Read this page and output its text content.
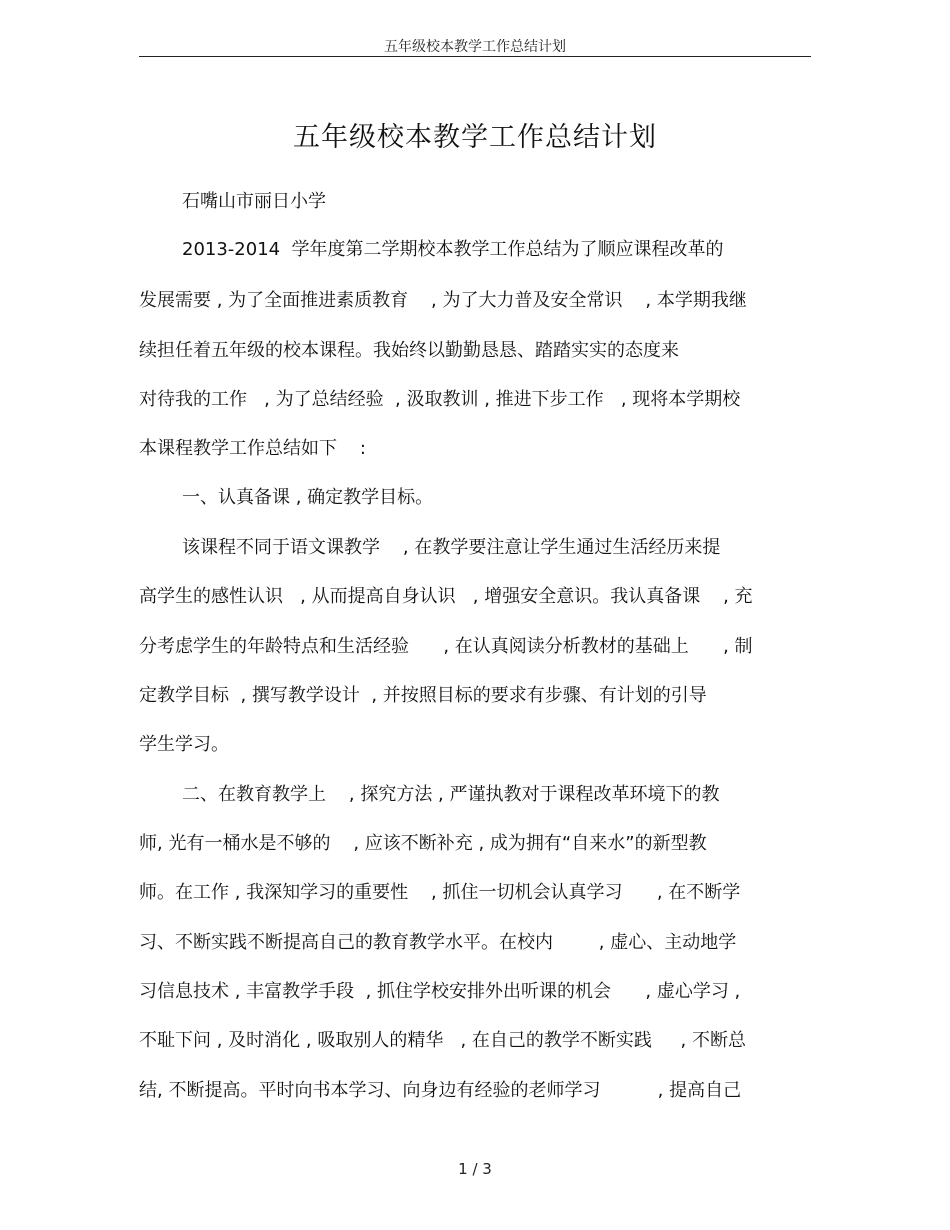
五年级校本教学工作总结计划
五年级校本教学工作总结计划
石嘴山市丽日小学
2013-2014  学年度第二学期校本教学工作总结为了顺应课程改革的
发展需要 , 为了全面推进素质教育    , 为了大力普及安全常识    , 本学期我继
续担任着五年级的校本课程。我始终以勤勤恳恳、踏踏实实的态度来
对待我的工作   , 为了总结经验  , 汲取教训 , 推进下步工作   , 现将本学期校
本课程教学工作总结如下    :
一、认真备课 , 确定教学目标。
该课程不同于语文课教学    , 在教学要注意让学生通过生活经历来提
高学生的感性认识   , 从而提高自身认识   , 增强安全意识。我认真备课    , 充
分考虑学生的年龄特点和生活经验      , 在认真阅读分析教材的基础上      , 制
定教学目标  , 撰写教学设计  , 并按照目标的要求有步骤、有计划的引导
学生学习。
二、在教育教学上    , 探究方法 , 严谨执教对于课程改革环境下的教
师, 光有一桶水是不够的    , 应该不断补充 , 成为拥有“自来水”的新型教
师。在工作 , 我深知学习的重要性    , 抓住一切机会认真学习      , 在不断学
习、不断实践不断提高自己的教育教学水平。在校内        , 虚心、主动地学
习信息技术 , 丰富教学手段  , 抓住学校安排外出听课的机会      , 虚心学习 ,
不耻下问 , 及时消化 , 吸取别人的精华   , 在自己的教学不断实践     , 不断总
结, 不断提高。平时向书本学习、向身边有经验的老师学习          , 提高自己
1 / 3
